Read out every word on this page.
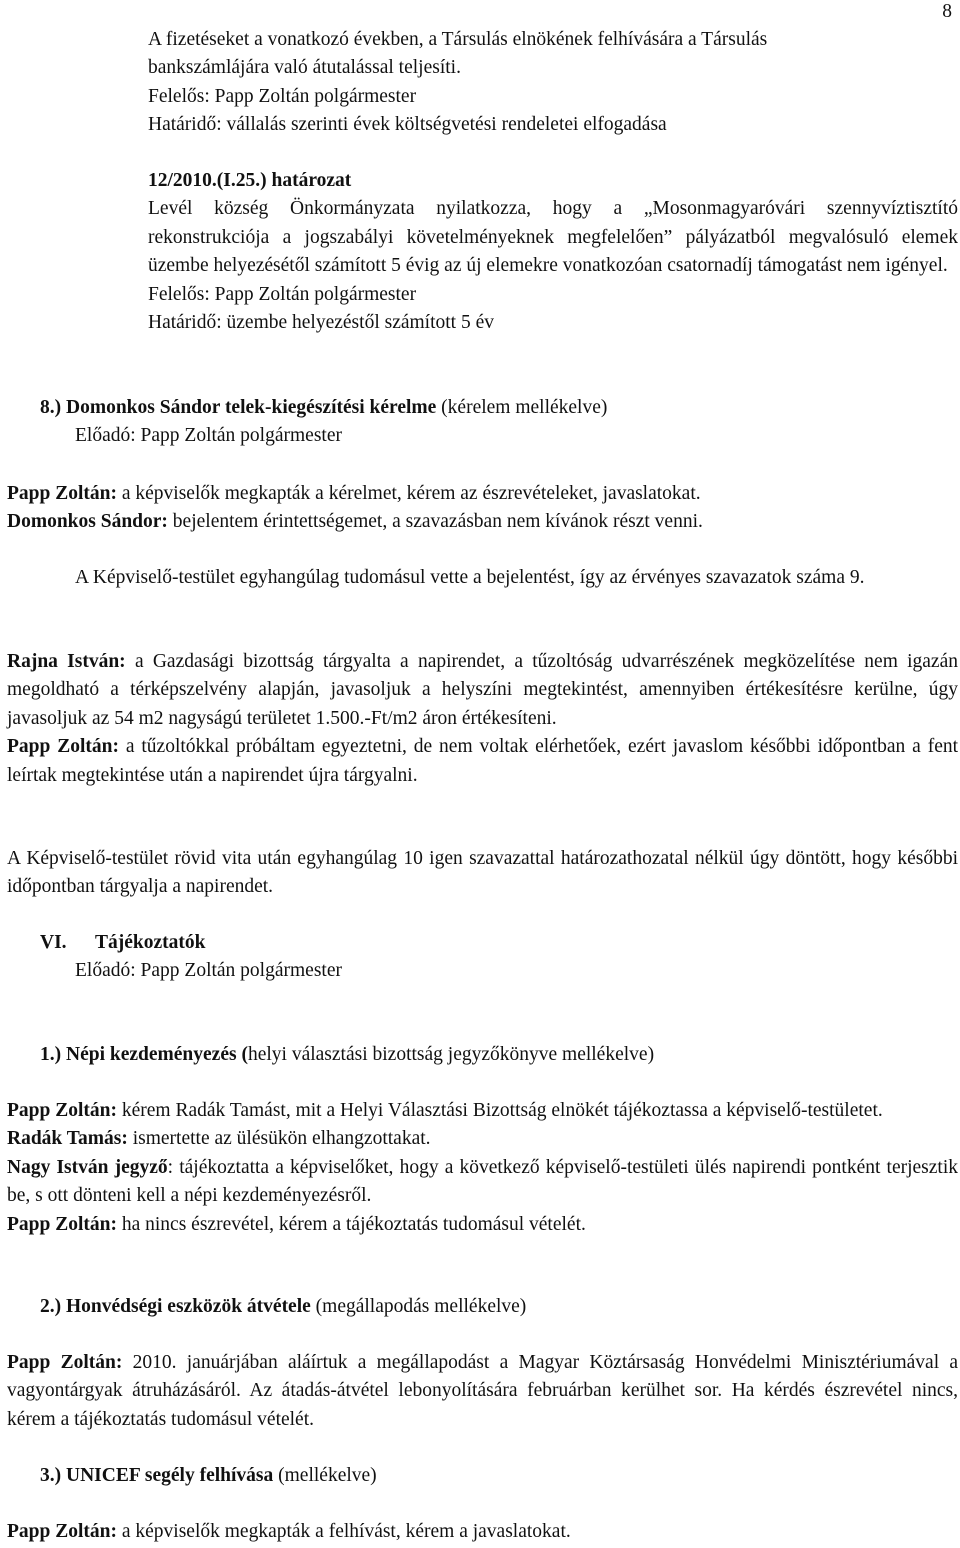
8
A fizetéseket a vonatkozó években, a Társulás elnökének felhívására a Társulás
bankszámlájára való átutalással teljesíti.
Felelős: Papp Zoltán polgármester
Határidő: vállalás szerinti évek költségvetési rendeletei elfogadása
12/2010.(I.25.) határozat
Levél község Önkormányzata nyilatkozza, hogy a „Mosonmagyaróvári szennyvíztisztító rekonstrukciója a jogszabályi követelményeknek megfelelően” pályázatból megvalósuló elemek üzembe helyezésétől számított 5 évig az új elemekre vonatkozóan csatornadíj támogatást nem igényel.
Felelős: Papp Zoltán polgármester
Határidő: üzembe helyezéstől számított 5 év
8.) Domonkos Sándor telek-kiegészítési kérelme (kérelem mellékelve)
Előadó: Papp Zoltán polgármester
Papp Zoltán: a képviselők megkapták a kérelmet, kérem az észrevételeket, javaslatokat.
Domonkos Sándor: bejelentem érintettségemet, a szavazásban nem kívánok részt venni.
A Képviselő-testület egyhangúlag tudomásul vette a bejelentést, így az érvényes szavazatok száma 9.
Rajna István: a Gazdasági bizottság tárgyalta a napirendet, a tűzoltóság udvarrészének megközelítése nem igazán megoldható a térképszelvény alapján, javasoljuk a helyszíni megtekintést, amennyiben értékesítésre kerülne, úgy javasoljuk az 54 m2 nagyságú területet 1.500.-Ft/m2 áron értékesíteni.
Papp Zoltán: a tűzoltókkal próbáltam egyeztetni, de nem voltak elérhetőek, ezért javaslom későbbi időpontban a fent leírtak megtekintése után a napirendet újra tárgyalni.
A Képviselő-testület rövid vita után egyhangúlag 10 igen szavazattal határozathozatal nélkül úgy döntött, hogy későbbi időpontban tárgyalja a napirendet.
VI. Tájékoztatók
Előadó: Papp Zoltán polgármester
1.) Népi kezdeményezés (helyi választási bizottság jegyzőkönyve mellékelve)
Papp Zoltán: kérem Radák Tamást, mit a Helyi Választási Bizottság elnökét tájékoztassa a képviselő-testületet.
Radák Tamás: ismertette az ülésükön elhangzottakat.
Nagy István jegyző: tájékoztatta a képviselőket, hogy a következő képviselő-testületi ülés napirendi pontként terjesztik be, s ott dönteni kell a népi kezdeményezésről.
Papp Zoltán: ha nincs észrevétel, kérem a tájékoztatás tudomásul vételét.
2.) Honvédségi eszközök átvétele (megállapodás mellékelve)
Papp Zoltán: 2010. januárjában aláírtuk a megállapodást a Magyar Köztársaság Honvédelmi Minisztériumával a vagyontárgyak átruházásáról. Az átadás-átvétel lebonyolítására februárban kerülhet sor. Ha kérdés észrevétel nincs, kérem a tájékoztatás tudomásul vételét.
3.) UNICEF segély felhívása (mellékelve)
Papp Zoltán: a képviselők megkapták a felhívást, kérem a javaslatokat.
